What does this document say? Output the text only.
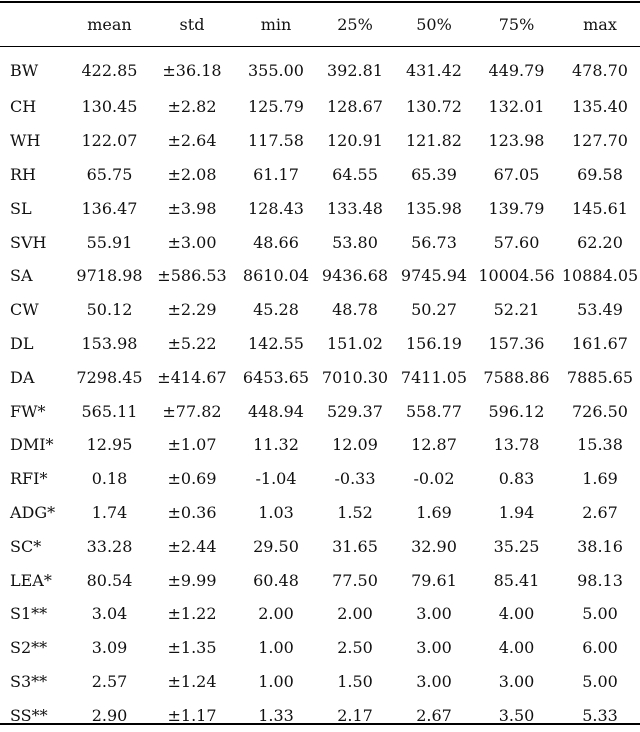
	mean	std	min	25%	50%	75%	max
BW	422.85	±36.18	355.00	392.81	431.42	449.79	478.70
CH	130.45	±2.82	125.79	128.67	130.72	132.01	135.40
WH	122.07	±2.64	117.58	120.91	121.82	123.98	127.70
RH	65.75	±2.08	61.17	64.55	65.39	67.05	69.58
SL	136.47	±3.98	128.43	133.48	135.98	139.79	145.61
SVH	55.91	±3.00	48.66	53.80	56.73	57.60	62.20
SA	9718.98	±586.53	8610.04	9436.68	9745.94	10004.56	10884.05
CW	50.12	±2.29	45.28	48.78	50.27	52.21	53.49
DL	153.98	±5.22	142.55	151.02	156.19	157.36	161.67
DA	7298.45	±414.67	6453.65	7010.30	7411.05	7588.86	7885.65
FW*	565.11	±77.82	448.94	529.37	558.77	596.12	726.50
DMI*	12.95	±1.07	11.32	12.09	12.87	13.78	15.38
RFI*	0.18	±0.69	-1.04	-0.33	-0.02	0.83	1.69
ADG*	1.74	±0.36	1.03	1.52	1.69	1.94	2.67
SC*	33.28	±2.44	29.50	31.65	32.90	35.25	38.16
LEA*	80.54	±9.99	60.48	77.50	79.61	85.41	98.13
S1**	3.04	±1.22	2.00	2.00	3.00	4.00	5.00
S2**	3.09	±1.35	1.00	2.50	3.00	4.00	6.00
S3**	2.57	±1.24	1.00	1.50	3.00	3.00	5.00
SS**	2.90	±1.17	1.33	2.17	2.67	3.50	5.33
